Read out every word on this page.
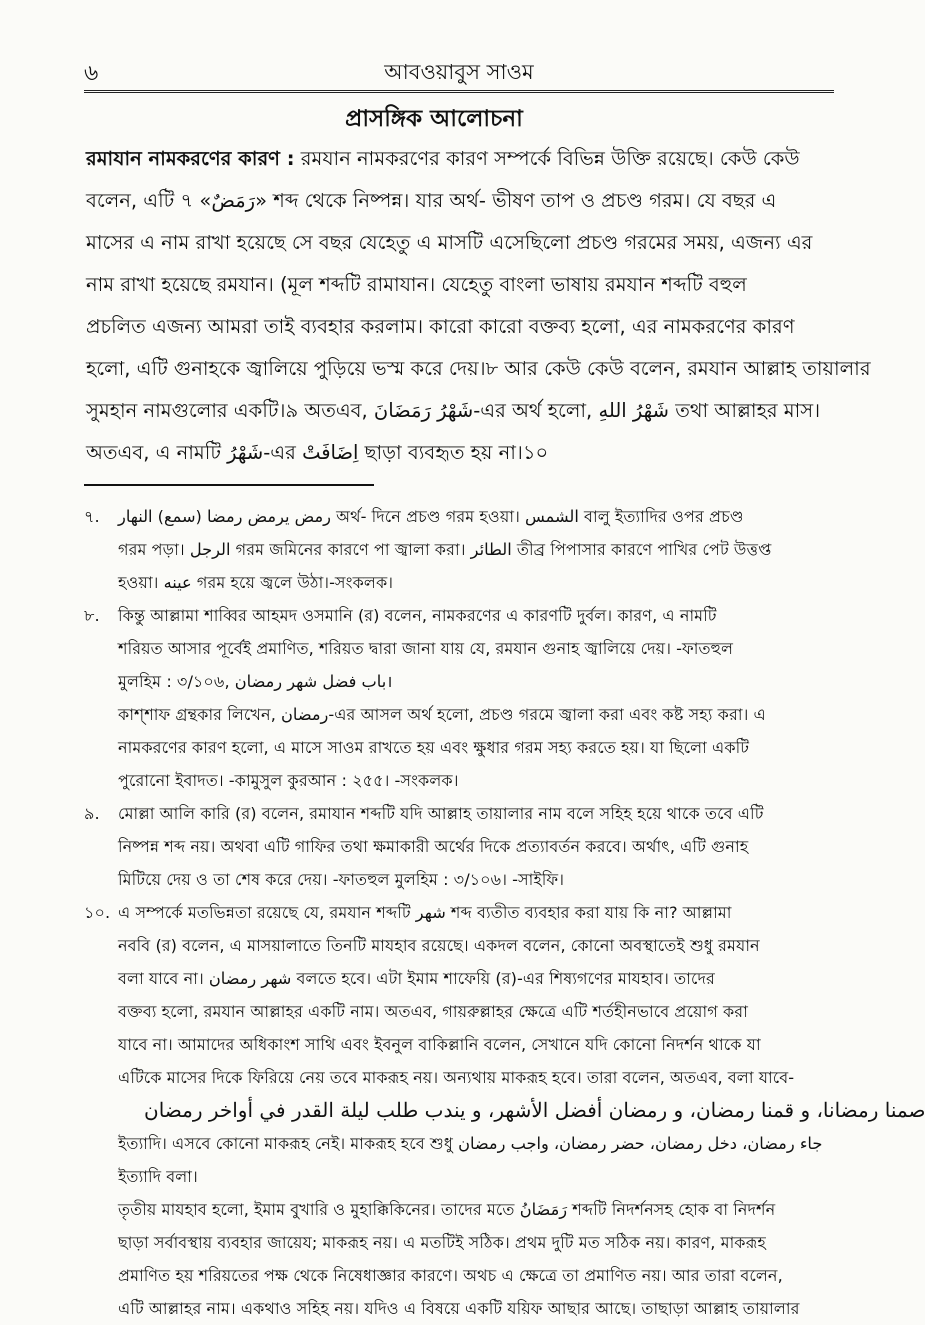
৬	আবওয়াবুস সাওম
প্রাসঙ্গিক আলোচনা
রমাযান নামকরণের কারণ : রমযান নামকরণের কারণ সম্পর্কে বিভিন্ন উক্তি রয়েছে। কেউ কেউ
বলেন, এটি ৭ «رَمَضٌ» শব্দ থেকে নিষ্পন্ন। যার অর্থ- ভীষণ তাপ ও প্রচণ্ড গরম। যে বছর এ
মাসের এ নাম রাখা হয়েছে সে বছর যেহেতু এ মাসটি এসেছিলো প্রচণ্ড গরমের সময়, এজন্য এর
নাম রাখা হয়েছে রমযান। (মূল শব্দটি রামাযান। যেহেতু বাংলা ভাষায় রমযান শব্দটি বহুল
প্রচলিত এজন্য আমরা তাই ব্যবহার করলাম। কারো কারো বক্তব্য হলো, এর নামকরণের কারণ
হলো, এটি গুনাহকে জ্বালিয়ে পুড়িয়ে ভস্ম করে দেয়।৮ আর কেউ কেউ বলেন, রমযান আল্লাহ তায়ালার
সুমহান নামগুলোর একটি।৯ অতএব, شَهْرُ رَمَضَانَ-এর অর্থ হলো, شَهْرُ اللهِ তথা আল্লাহর মাস।
অতএব, এ নামটি شَهْرُ-এর اِضَافَتْ ছাড়া ব্যবহৃত হয় না।১০
৭.	رمض يرمض رمضا (سمع) النهار অর্থ- দিনে প্রচণ্ড গরম হওয়া। الشمس বালু ইত্যাদির ওপর প্রচণ্ড
গরম পড়া। الرجل গরম জমিনের কারণে পা জ্বালা করা। الطائر তীব্র পিপাসার কারণে পাখির পেট উত্তপ্ত
হওয়া। عينه গরম হয়ে জ্বলে উঠা।-সংকলক।
৮.	কিন্তু আল্লামা শাব্বির আহমদ ওসমানি (র) বলেন, নামকরণের এ কারণটি দুর্বল। কারণ, এ নামটি
শরিয়ত আসার পূর্বেই প্রমাণিত, শরিয়ত দ্বারা জানা যায় যে, রমযান গুনাহ জ্বালিয়ে দেয়। -ফাতহুল
মুলহিম : ৩/১০৬, باب فضل شهر رمضان।
কাশ্শাফ গ্রন্থকার লিখেন, رمضان-এর আসল অর্থ হলো, প্রচণ্ড গরমে জ্বালা করা এবং কষ্ট সহ্য করা। এ
নামকরণের কারণ হলো, এ মাসে সাওম রাখতে হয় এবং ক্ষুধার গরম সহ্য করতে হয়। যা ছিলো একটি
পুরোনো ইবাদত। -কামুসুল কুরআন : ২৫৫। -সংকলক।
৯.	মোল্লা আলি কারি (র) বলেন, রমাযান শব্দটি যদি আল্লাহ তায়ালার নাম বলে সহিহ হয়ে থাকে তবে এটি
নিষ্পন্ন শব্দ নয়। অথবা এটি গাফির তথা ক্ষমাকারী অর্থের দিকে প্রত্যাবর্তন করবে। অর্থাৎ, এটি গুনাহ
মিটিয়ে দেয় ও তা শেষ করে দেয়। -ফাতহুল মুলহিম : ৩/১০৬। -সাইফি।
১০. এ সম্পর্কে মতভিন্নতা রয়েছে যে, রমযান শব্দটি شهر শব্দ ব্যতীত ব্যবহার করা যায় কি না? আল্লামা
নববি (র) বলেন, এ মাসয়ালাতে তিনটি মাযহাব রয়েছে। একদল বলেন, কোনো অবস্থাতেই শুধু রমযান
বলা যাবে না। شهر رمضان বলতে হবে। এটা ইমাম শাফেয়ি (র)-এর শিষ্যগণের মাযহাব। তাদের
বক্তব্য হলো, রমযান আল্লাহর একটি নাম। অতএব, গায়রুল্লাহর ক্ষেত্রে এটি শর্তহীনভাবে প্রয়োগ করা
যাবে না। আমাদের অধিকাংশ সাথি এবং ইবনুল বাকিল্লানি বলেন, সেখানে যদি কোনো নিদর্শন থাকে যা
এটিকে মাসের দিকে ফিরিয়ে নেয় তবে মাকরূহ নয়। অন্যথায় মাকরূহ হবে। তারা বলেন, অতএব, বলা যাবে-
صمنا رمضانا، و قمنا رمضان، و رمضان أفضل الأشهر، و يندب طلب ليلة القدر في أواخر رمضان
ইত্যাদি। এসবে কোনো মাকরূহ নেই। মাকরূহ হবে শুধু جاء رمضان، دخل رمضان، حضر رمضان، واجب رمضان
ইত্যাদি বলা।
তৃতীয় মাযহাব হলো, ইমাম বুখারি ও মুহাক্কিকিনের। তাদের মতে رَمَضَانُ শব্দটি নিদর্শনসহ হোক বা নিদর্শন
ছাড়া সর্বাবস্থায় ব্যবহার জায়েয; মাকরূহ নয়। এ মতটিই সঠিক। প্রথম দুটি মত সঠিক নয়। কারণ, মাকরূহ
প্রমাণিত হয় শরিয়তের পক্ষ থেকে নিষেধাজ্ঞার কারণে। অথচ এ ক্ষেত্রে তা প্রমাণিত নয়। আর তারা বলেন,
এটি আল্লাহর নাম। একথাও সহিহ নয়। যদিও এ বিষয়ে একটি যয়িফ আছার আছে। তাছাড়া আল্লাহ তায়ালার
